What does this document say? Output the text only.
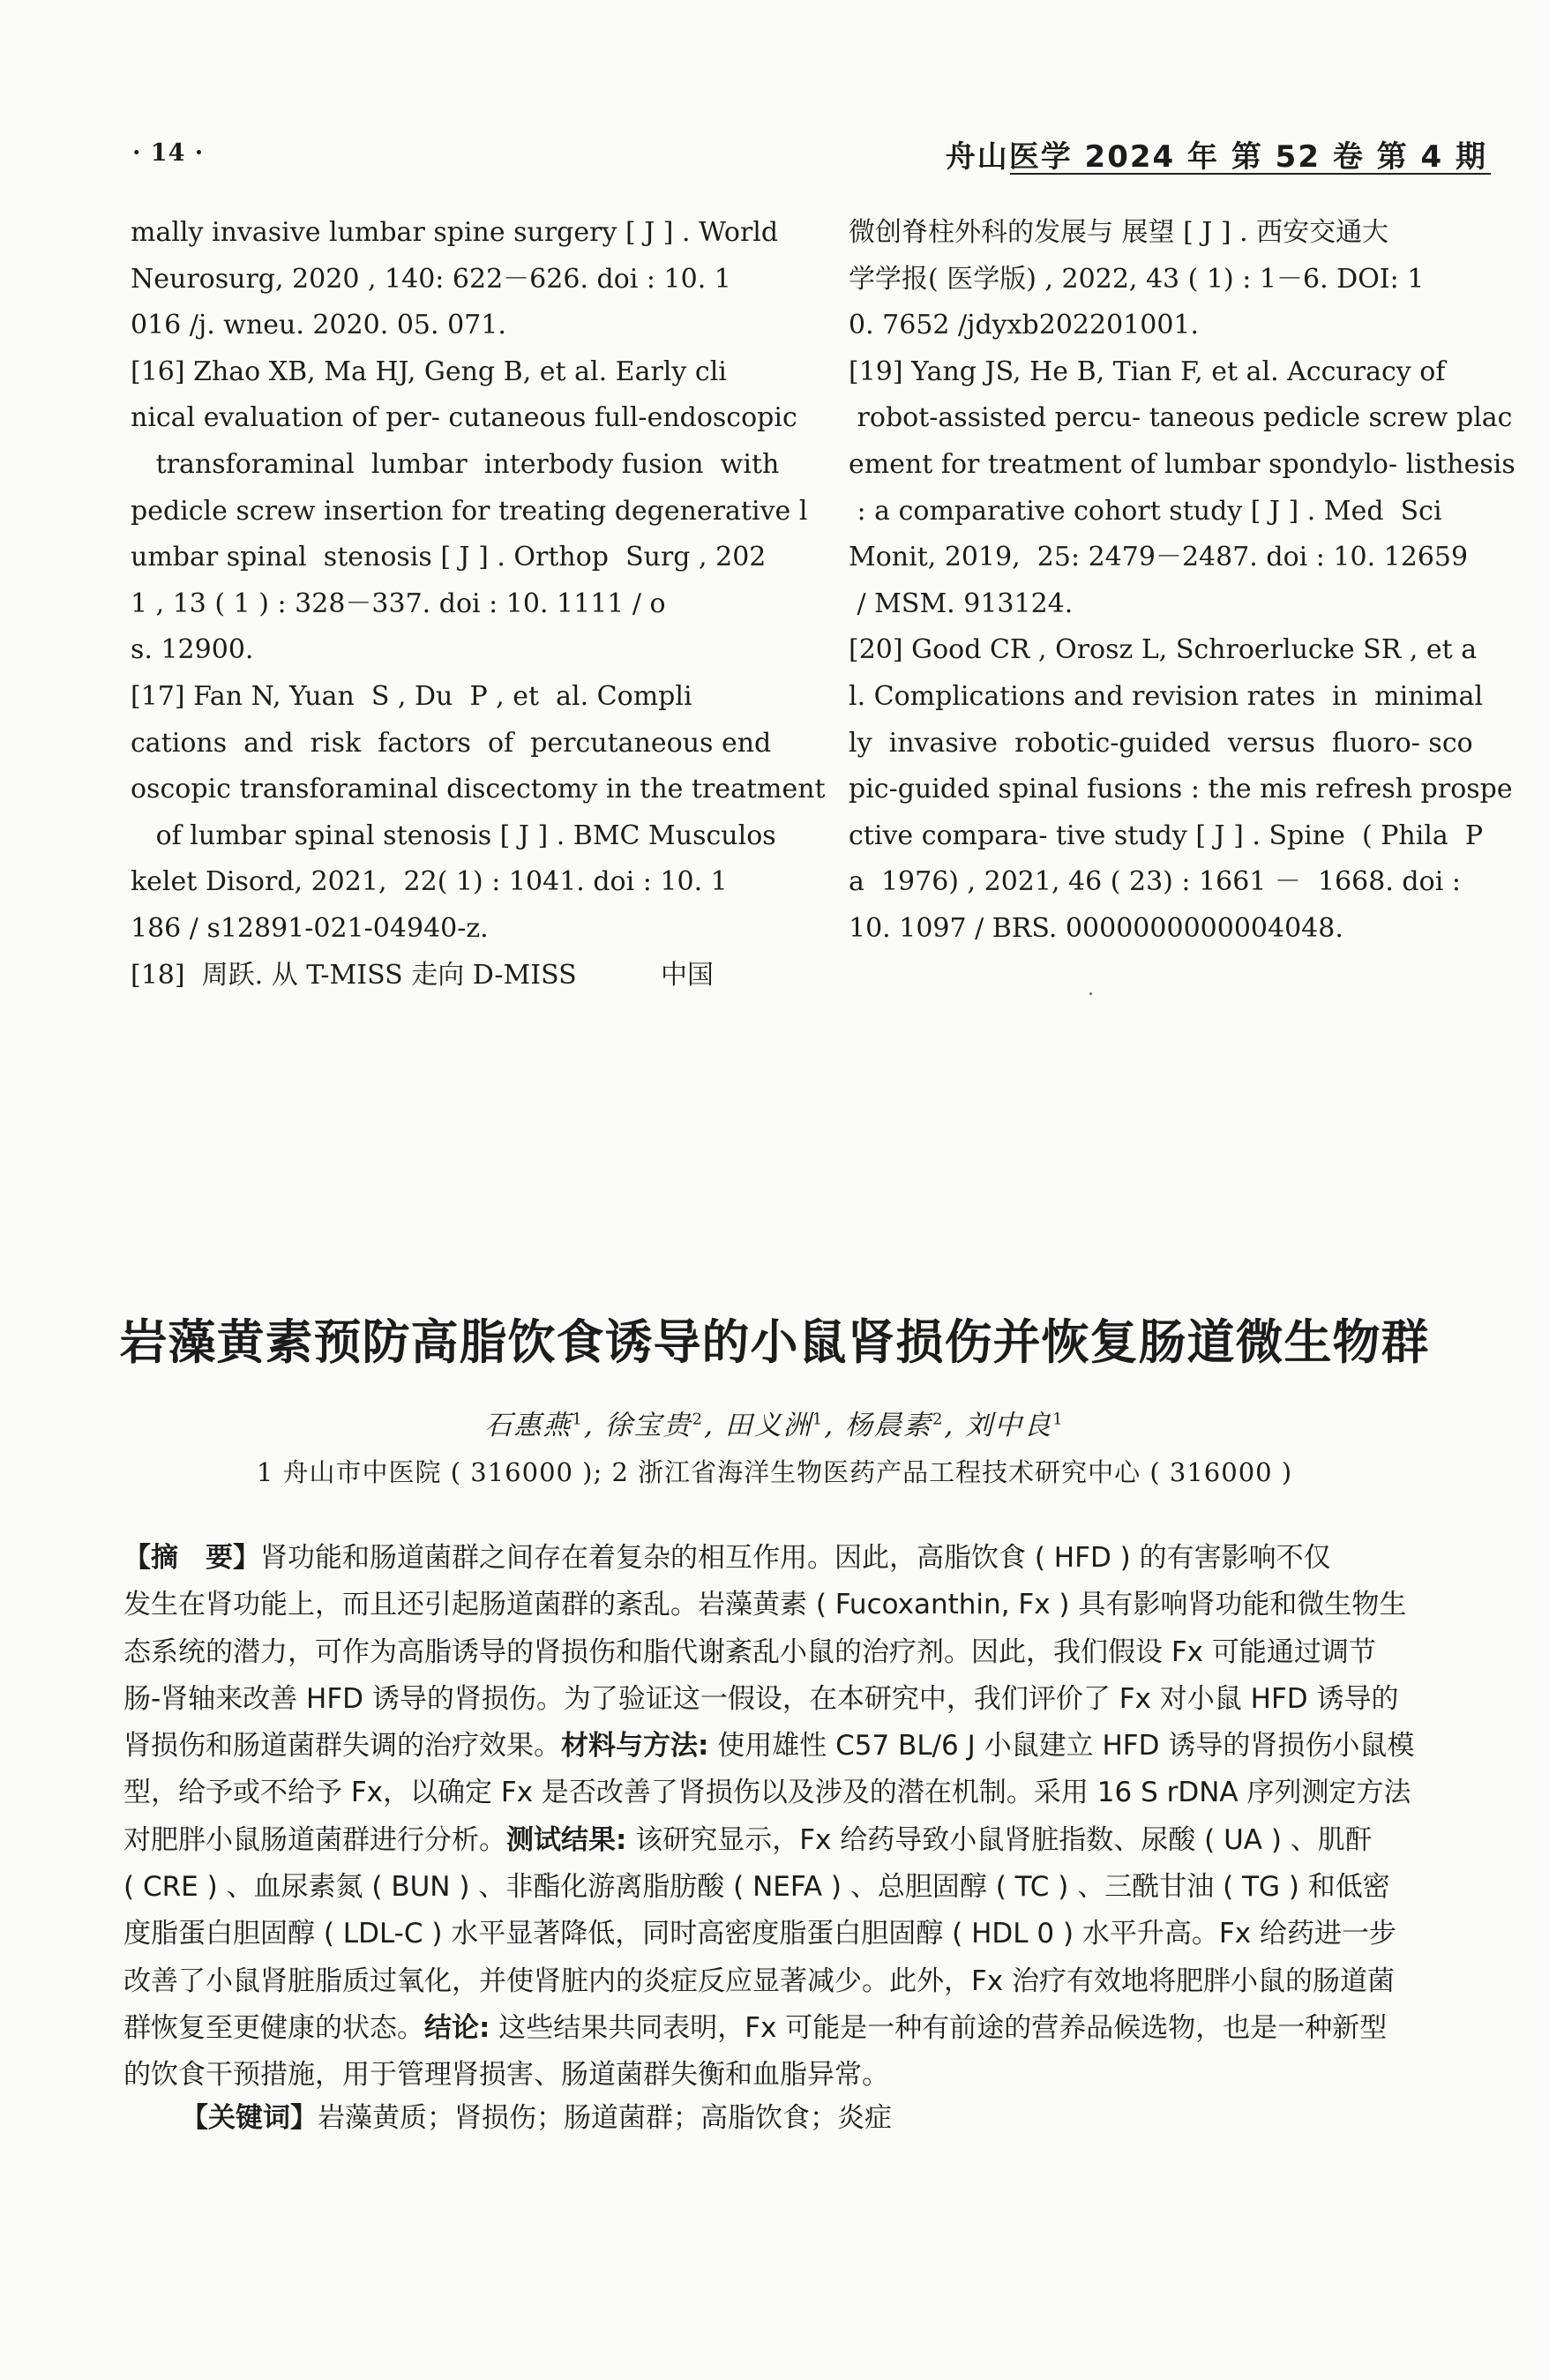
· 14 ·	舟山医学 2024 年 第 52 卷 第 4 期
mally invasive lumbar spine surgery [ J ] . World
Neurosurg, 2020 , 140: 622－626. doi : 10. 1
016 /j. wneu. 2020. 05. 071.
[16] Zhao XB, Ma HJ, Geng B, et al. Early cli
nical evaluation of per- cutaneous full-endoscopic
transforaminal  lumbar  interbody fusion  with
pedicle screw insertion for treating degenerative l
umbar spinal  stenosis [ J ] . Orthop  Surg , 202
1 , 13 ( 1 ) : 328－337. doi : 10. 1111 / o
s. 12900.
[17] Fan N, Yuan  S , Du  P , et  al. Compli
cations  and  risk  factors  of  percutaneous end
oscopic transforaminal discectomy in the treatment
of lumbar spinal stenosis [ J ] . BMC Musculos
kelet Disord, 2021,  22( 1) : 1041. doi : 10. 1
186 / s12891-021-04940-z.
[18]  周跃. 从 T-MISS 走向 D-MISS          中国
微创脊柱外科的发展与 展望 [ J ] . 西安交通大
学学报( 医学版) , 2022, 43 ( 1) : 1－6. DOI: 1
0. 7652 /jdyxb202201001.
[19] Yang JS, He B, Tian F, et al. Accuracy of
robot-assisted percu- taneous pedicle screw plac
ement for treatment of lumbar spondylo- listhesis
: a comparative cohort study [ J ] . Med  Sci
Monit, 2019,  25: 2479－2487. doi : 10. 12659
/ MSM. 913124.
[20] Good CR , Orosz L, Schroerlucke SR , et a
l. Complications and revision rates  in  minimal
ly  invasive  robotic-guided  versus  fluoro- sco
pic-guided spinal fusions : the mis refresh prospe
ctive compara- tive study [ J ] . Spine  ( Phila  P
a  1976) , 2021, 46 ( 23) : 1661 －  1668. doi :
10. 1097 / BRS. 0000000000004048.
岩藻黄素预防高脂饮食诱导的小鼠肾损伤并恢复肠道微生物群
石惠燕$^1$, 徐宝贵$^2$, 田义洲$^1$, 杨晨素$^2$, 刘中良$^1$
1 舟山市中医院 ( 316000 ); 2 浙江省海洋生物医药产品工程技术研究中心 ( 316000 )
【摘　要】肾功能和肠道菌群之间存在着复杂的相互作用。因此，高脂饮食 ( HFD ) 的有害影响不仅
发生在肾功能上，而且还引起肠道菌群的紊乱。岩藻黄素 ( Fucoxanthin, Fx ) 具有影响肾功能和微生物生
态系统的潜力，可作为高脂诱导的肾损伤和脂代谢紊乱小鼠的治疗剂。因此，我们假设 Fx 可能通过调节
肠-肾轴来改善 HFD 诱导的肾损伤。为了验证这一假设，在本研究中，我们评价了 Fx 对小鼠 HFD 诱导的
肾损伤和肠道菌群失调的治疗效果。材料与方法: 使用雄性 C57 BL/6 J 小鼠建立 HFD 诱导的肾损伤小鼠模
型，给予或不给予 Fx，以确定 Fx 是否改善了肾损伤以及涉及的潜在机制。采用 16 S rDNA 序列测定方法
对肥胖小鼠肠道菌群进行分析。测试结果: 该研究显示，Fx 给药导致小鼠肾脏指数、尿酸 ( UA ) 、肌酐
( CRE ) 、血尿素氮 ( BUN ) 、非酯化游离脂肪酸 ( NEFA ) 、总胆固醇 ( TC ) 、三酰甘油 ( TG ) 和低密
度脂蛋白胆固醇 ( LDL-C ) 水平显著降低，同时高密度脂蛋白胆固醇 ( HDL 0 ) 水平升高。Fx 给药进一步
改善了小鼠肾脏脂质过氧化，并使肾脏内的炎症反应显著减少。此外，Fx 治疗有效地将肥胖小鼠的肠道菌
群恢复至更健康的状态。结论: 这些结果共同表明，Fx 可能是一种有前途的营养品候选物，也是一种新型
的饮食干预措施，用于管理肾损害、肠道菌群失衡和血脂异常。
【关键词】岩藻黄质；肾损伤；肠道菌群；高脂饮食；炎症
